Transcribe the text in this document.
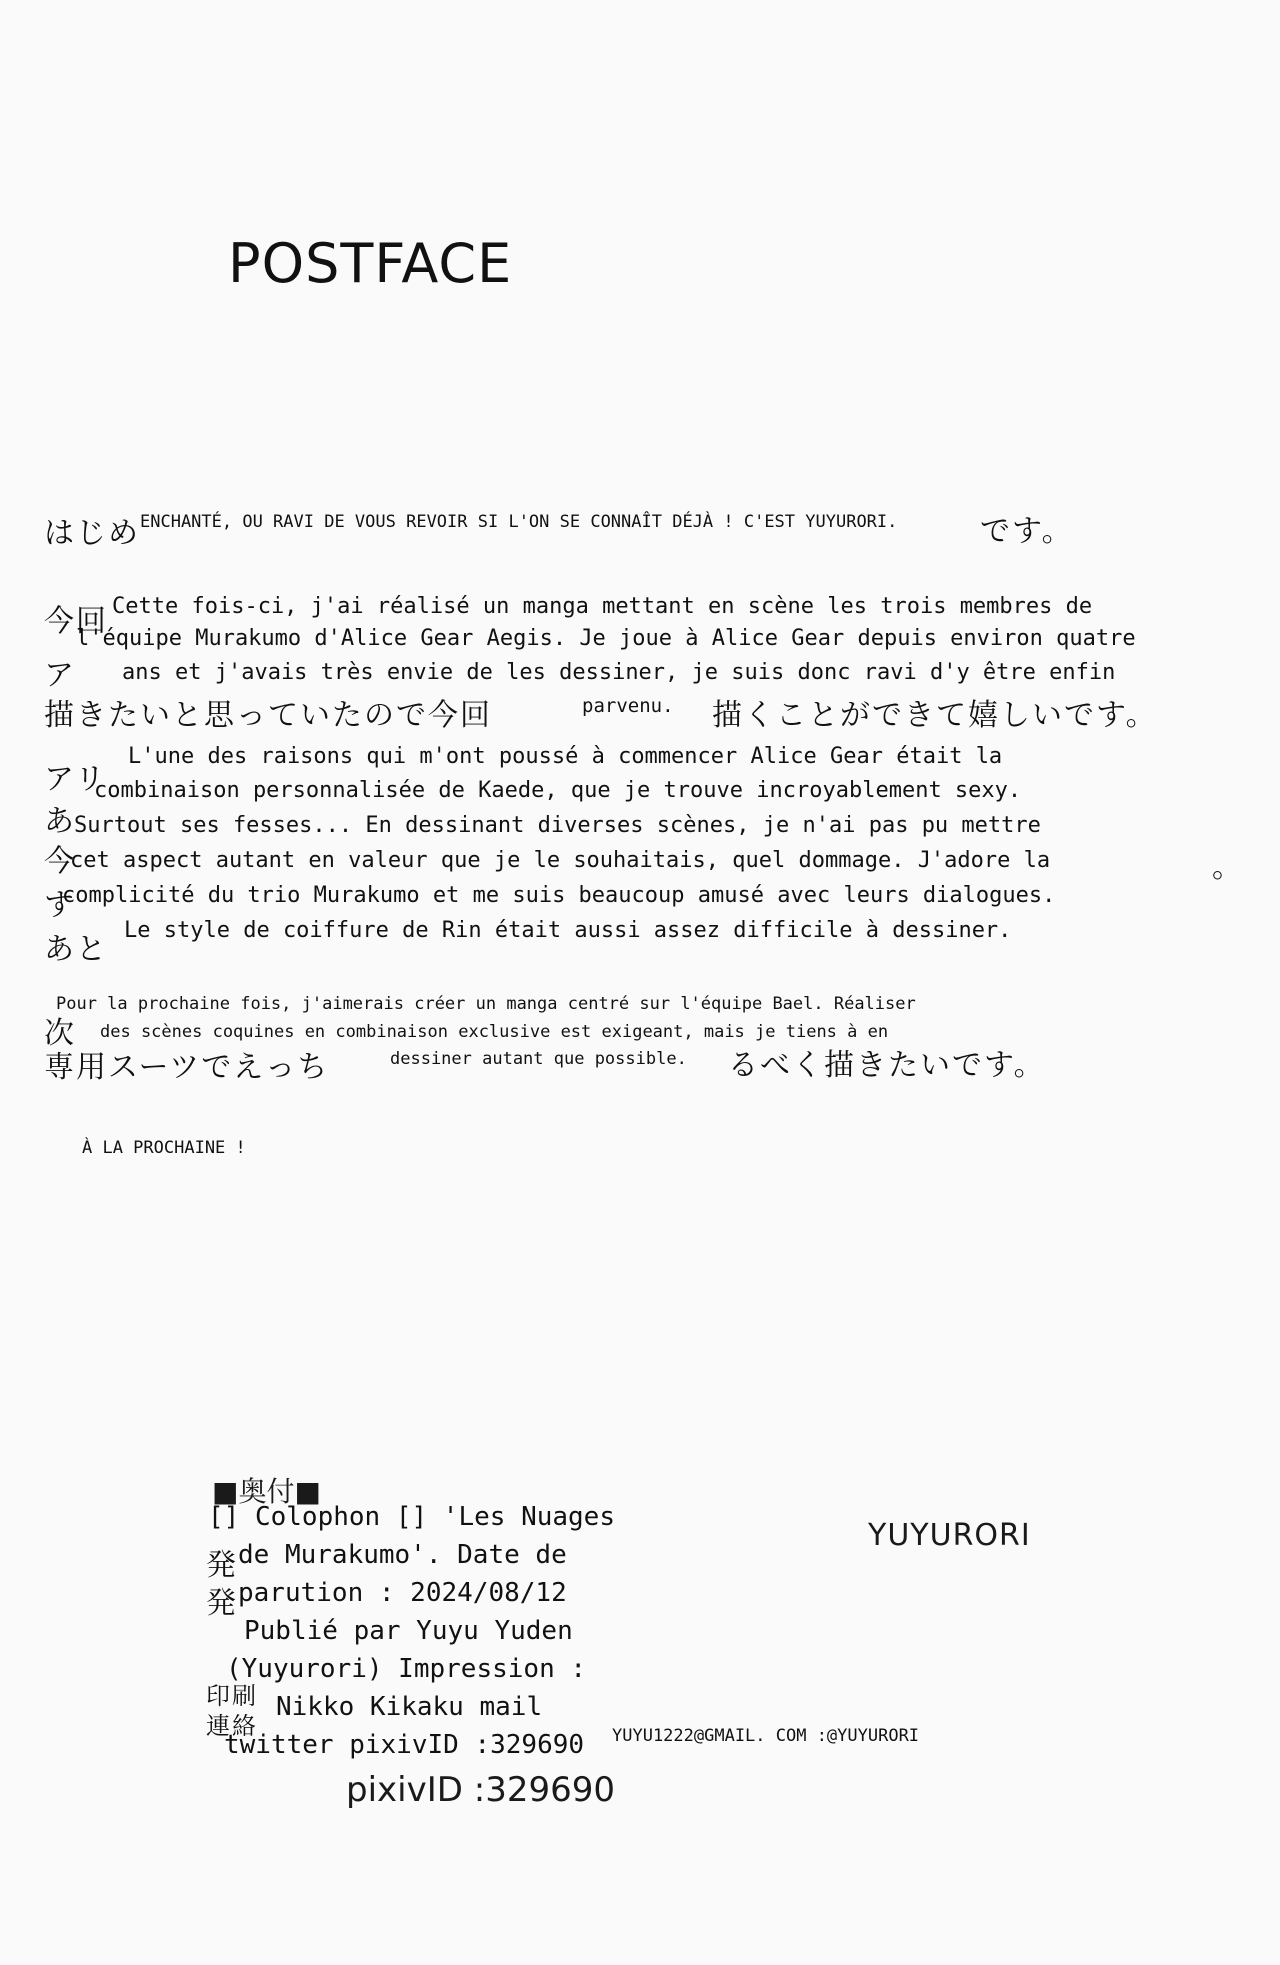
POSTFACE
はじめ ENCHANTÉ, OU RAVI DE VOUS REVOIR SI L'ON SE CONNAÎT DÉJÀ ! C'EST YUYURORI.	です。
今回
ア
描きたいと思っていたので今回
Cette fois-ci, j'ai réalisé un manga mettant en scène les trois membres de
l'équipe Murakumo d'Alice Gear Aegis. Je joue à Alice Gear depuis environ quatre
ans et j'avais très envie de les dessiner, je suis donc ravi d'y être enfin
parvenu. 描くことができて嬉しいです。
アリ
あ
今
す
あと
L'une des raisons qui m'ont poussé à commencer Alice Gear était la
combinaison personnalisée de Kaede, que je trouve incroyablement sexy.
Surtout ses fesses... En dessinant diverses scènes, je n'ai pas pu mettre
cet aspect autant en valeur que je le souhaitais, quel dommage. J'adore la
complicité du trio Murakumo et me suis beaucoup amusé avec leurs dialogues.
Le style de coiffure de Rin était aussi assez difficile à dessiner.
。
次
専用スーツでえっち
Pour la prochaine fois, j'aimerais créer un manga centré sur l'équipe Bael. Réaliser
des scènes coquines en combinaison exclusive est exigeant, mais je tiens à en
dessiner autant que possible. るべく描きたいです。
À LA PROCHAINE !
■奥付■
発
発
印刷
連絡
[] Colophon [] 'Les Nuages
de Murakumo'. Date de
parution : 2024/08/12
Publié par Yuyu Yuden
(Yuyurori) Impression :
Nikko Kikaku mail
twitter pixivID :329690 YUYU1222@GMAIL. COM :@YUYURORI
pixivID :329690
YUYURORI
